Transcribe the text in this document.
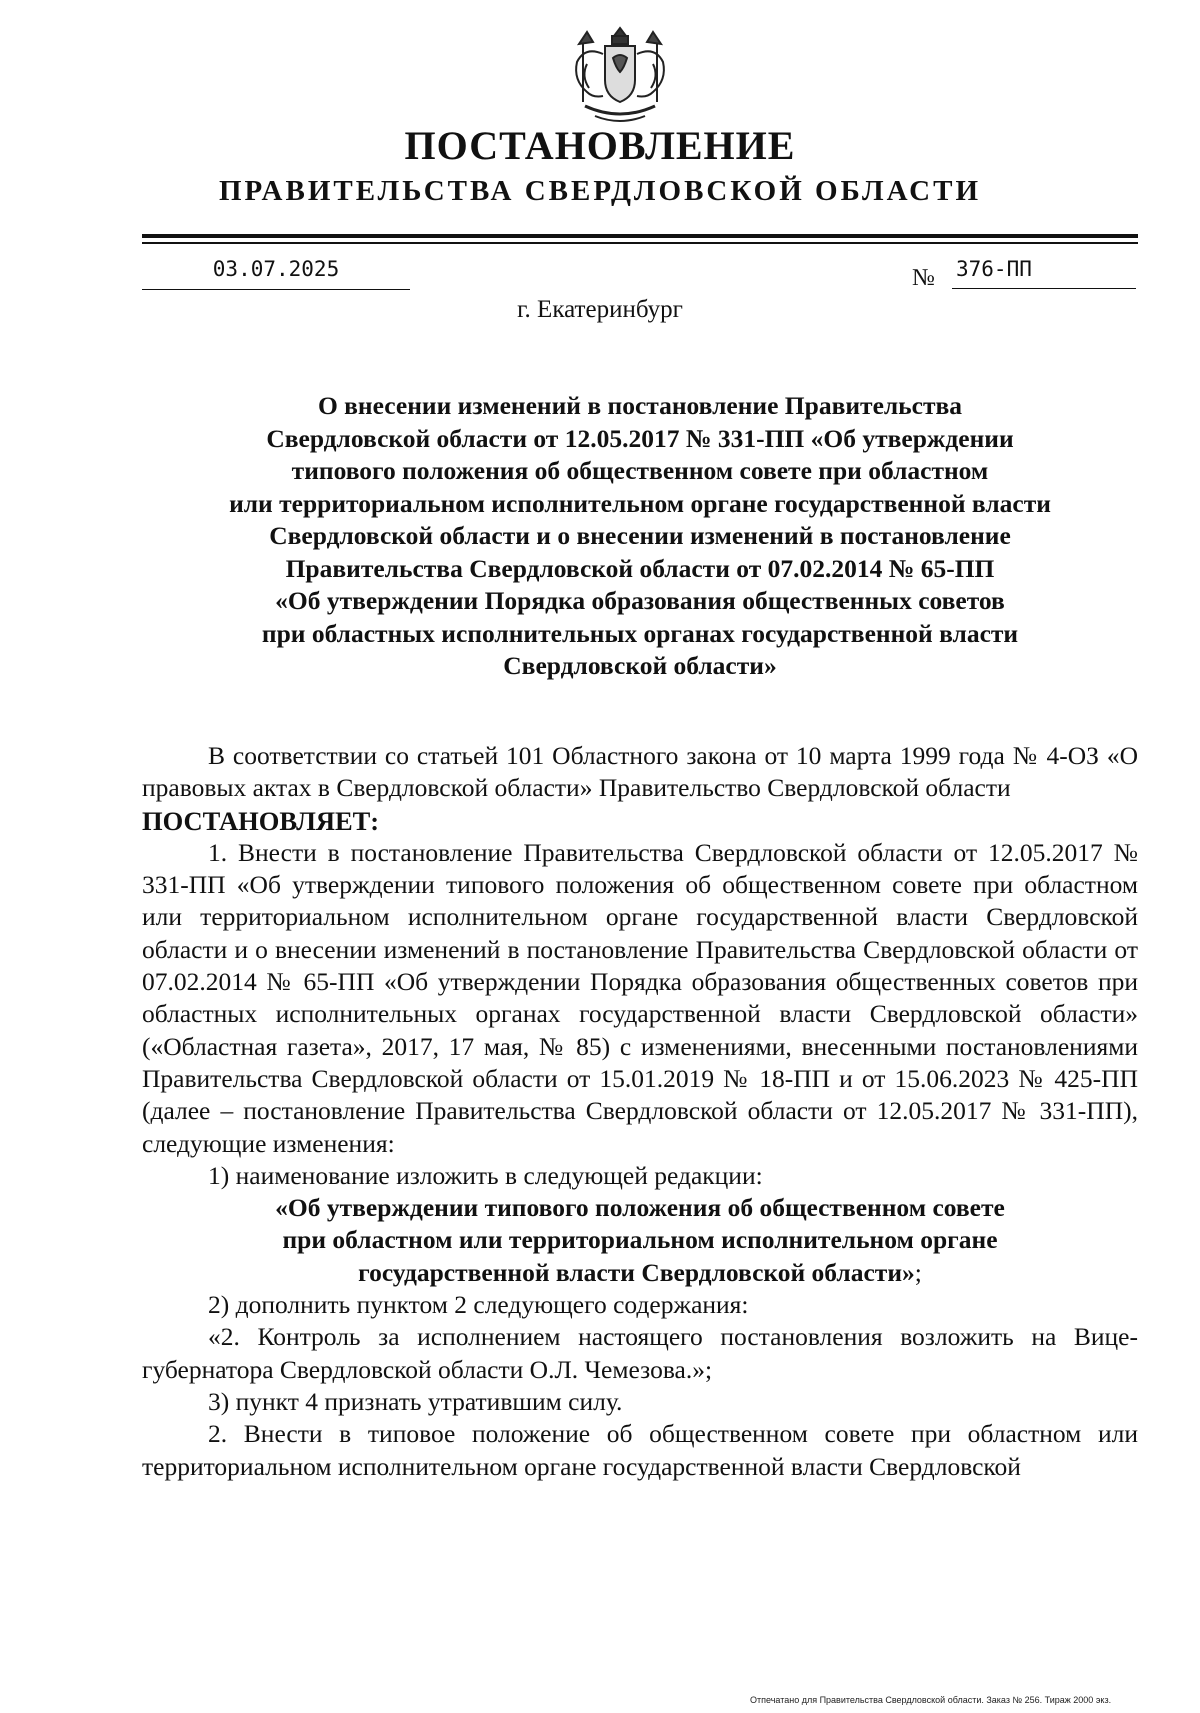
ПОСТАНОВЛЕНИЕ
ПРАВИТЕЛЬСТВА СВЕРДЛОВСКОЙ ОБЛАСТИ
03.07.2025	№ 376-ПП
г. Екатеринбург
О внесении изменений в постановление Правительства
Свердловской области от 12.05.2017 № 331-ПП «Об утверждении
типового положения об общественном совете при областном
или территориальном исполнительном органе государственной власти
Свердловской области и о внесении изменений в постановление
Правительства Свердловской области от 07.02.2014 № 65-ПП
«Об утверждении Порядка образования общественных советов
при областных исполнительных органах государственной власти
Свердловской области»

В соответствии со статьей 101 Областного закона от 10 марта 1999 года № 4-ОЗ «О правовых актах в Свердловской области» Правительство Свердловской области

ПОСТАНОВЛЯЕТ:

1. Внести в постановление Правительства Свердловской области от 12.05.2017 № 331-ПП «Об утверждении типового положения об общественном совете при областном или территориальном исполнительном органе государственной власти Свердловской области и о внесении изменений в постановление Правительства Свердловской области от 07.02.2014 № 65-ПП «Об утверждении Порядка образования общественных советов при областных исполнительных органах государственной власти Свердловской области» («Областная газета», 2017, 17 мая, № 85) с изменениями, внесенными постановлениями Правительства Свердловской области от 15.01.2019 № 18-ПП и от 15.06.2023 № 425-ПП (далее – постановление Правительства Свердловской области от 12.05.2017 № 331-ПП), следующие изменения:

1) наименование изложить в следующей редакции:

«Об утверждении типового положения об общественном совете

при областном или территориальном исполнительном органе

государственной власти Свердловской области»;

2) дополнить пунктом 2 следующего содержания:

«2. Контроль за исполнением настоящего постановления возложить на Вице-губернатора Свердловской области О.Л. Чемезова.»;

3) пункт 4 признать утратившим силу.

2. Внести в типовое положение об общественном совете при областном или территориальном исполнительном органе государственной власти Свердловской

Отпечатано для Правительства Свердловской области. Заказ № 256. Тираж 2000 экз.
